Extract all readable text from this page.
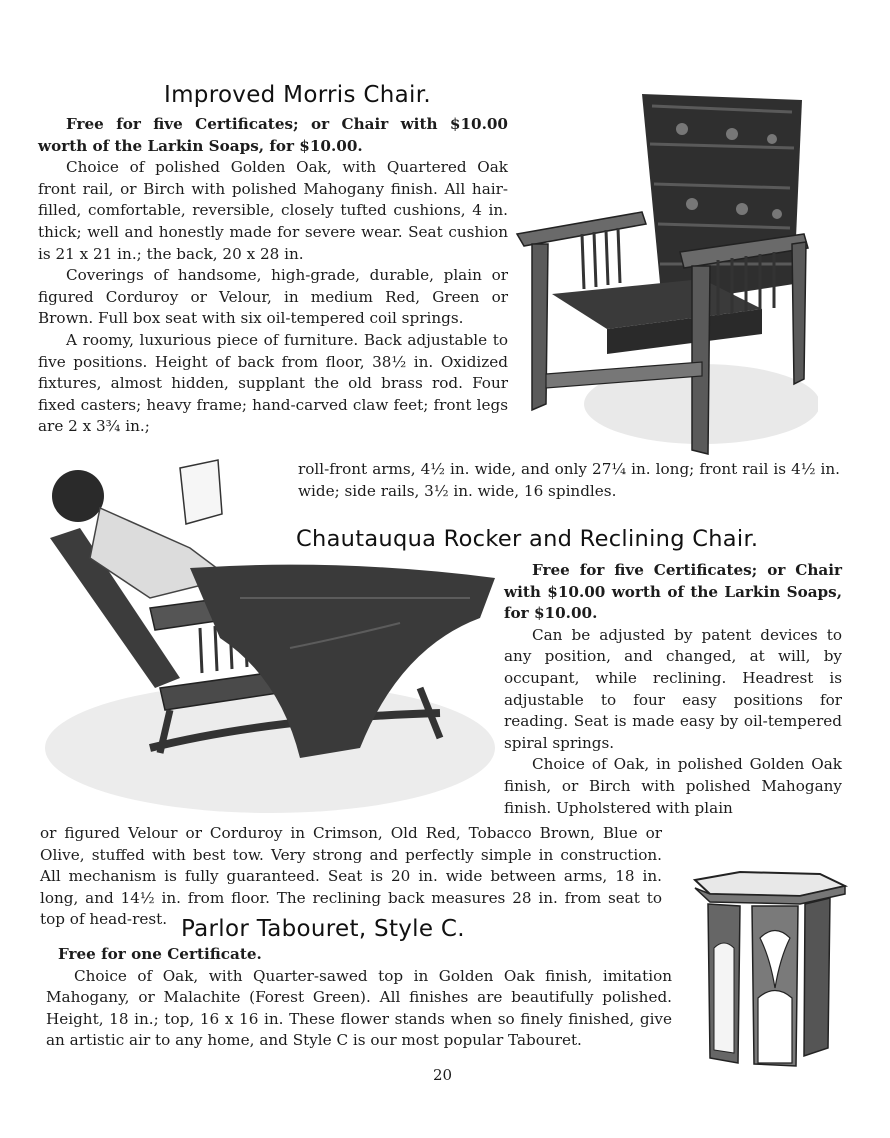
Improved Morris Chair.

Free for five Certificates; or Chair with $10.00 worth of the Larkin Soaps, for $10.00.

Choice of polished Golden Oak, with Quartered Oak front rail, or Birch with polished Mahogany finish. All hair-filled, comfortable, reversible, closely tufted cushions, 4 in. thick; well and honestly made for severe wear. Seat cushion is 21 x 21 in.; the back, 20 x 28 in.

Coverings of handsome, high-grade, durable, plain or figured Corduroy or Velour, in medium Red, Green or Brown. Full box seat with six oil-tempered coil springs.

A roomy, luxurious piece of furniture. Back adjustable to five positions. Height of back from floor, 38½ in. Oxidized fixtures, almost hidden, supplant the old brass rod. Four fixed casters; heavy frame; hand-carved claw feet; front legs are 2 x 3¾ in.;

roll-front arms, 4½ in. wide, and only 27¼ in. long; front rail is 4½ in. wide; side rails, 3½ in. wide, 16 spindles.

Chautauqua Rocker and Reclining Chair.

Free for five Certificates; or Chair with $10.00 worth of the Larkin Soaps, for $10.00.

Can be adjusted by patent devices to any position, and changed, at will, by occupant, while reclining. Headrest is adjustable to four easy positions for reading. Seat is made easy by oil-tempered spiral springs.

Choice of Oak, in polished Golden Oak finish, or Birch with polished Mahogany finish. Upholstered with plain

or figured Velour or Corduroy in Crimson, Old Red, Tobacco Brown, Blue or Olive, stuffed with best tow. Very strong and perfectly simple in construction. All mechanism is fully guaranteed. Seat is 20 in. wide between arms, 18 in. long, and 14½ in. from floor. The reclining back measures 28 in. from seat to top of head-rest. Parlor Tabouret, Style C.

Free for one Certificate.

Choice of Oak, with Quarter-sawed top in Golden Oak finish, imitation Mahogany, or Malachite (Forest Green). All finishes are beautifully polished. Height, 18 in.; top, 16 x 16 in. These flower stands when so finely finished, give an artistic air to any home, and Style C is our most popular Tabouret.

20
